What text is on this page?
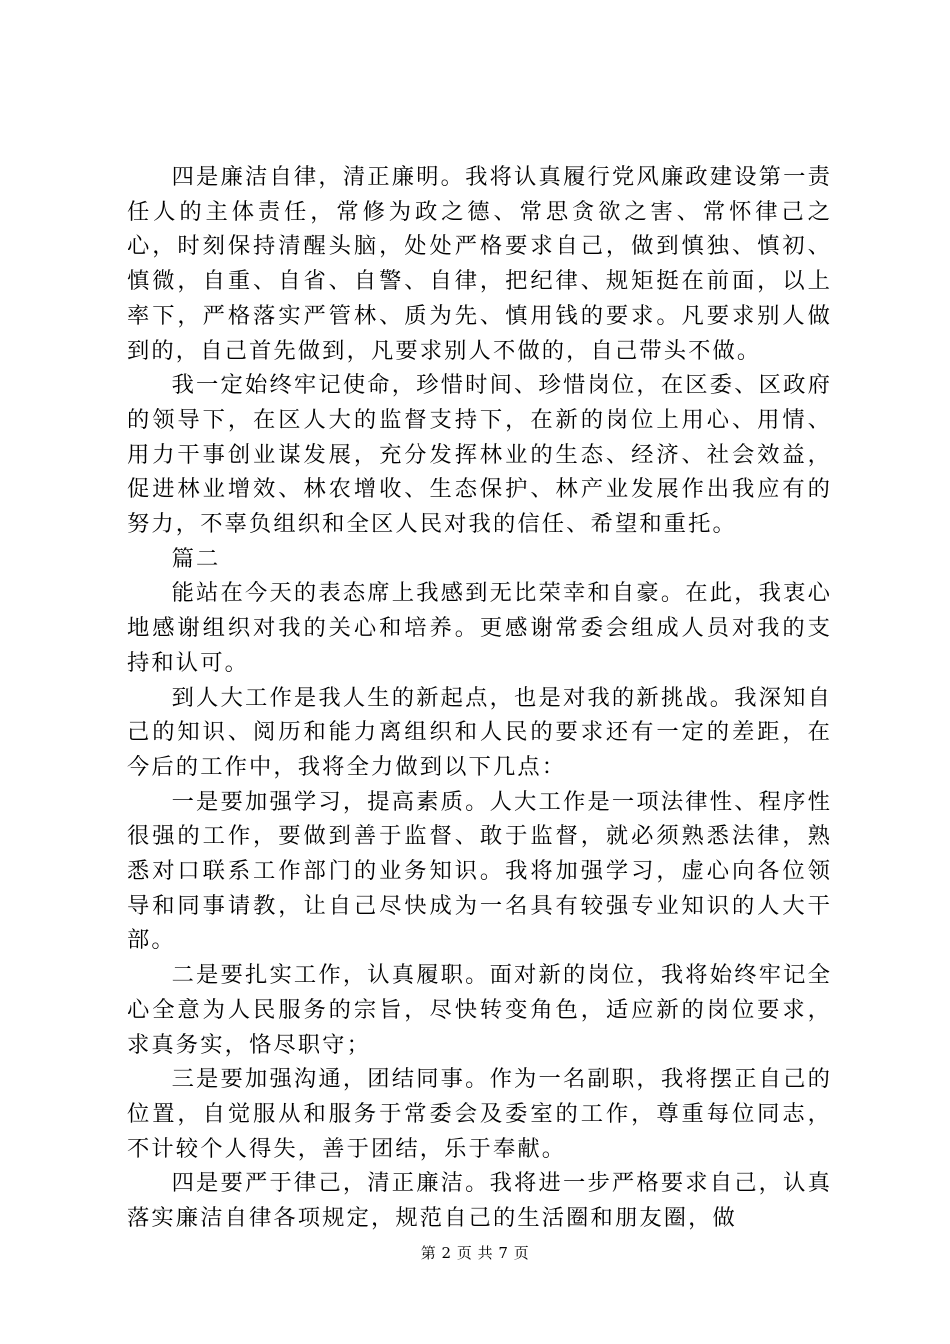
四是廉洁自律，清正廉明。我将认真履行党风廉政建设第一责任人的主体责任，常修为政之德、常思贪欲之害、常怀律己之心，时刻保持清醒头脑，处处严格要求自己，做到慎独、慎初、慎微，自重、自省、自警、自律，把纪律、规矩挺在前面，以上率下，严格落实严管林、质为先、慎用钱的要求。凡要求别人做到的，自己首先做到，凡要求别人不做的，自己带头不做。

我一定始终牢记使命，珍惜时间、珍惜岗位，在区委、区政府的领导下，在区人大的监督支持下，在新的岗位上用心、用情、用力干事创业谋发展，充分发挥林业的生态、经济、社会效益，促进林业增效、林农增收、生态保护、林产业发展作出我应有的努力，不辜负组织和全区人民对我的信任、希望和重托。

篇二

能站在今天的表态席上我感到无比荣幸和自豪。在此，我衷心地感谢组织对我的关心和培养。更感谢常委会组成人员对我的支持和认可。

到人大工作是我人生的新起点，也是对我的新挑战。我深知自己的知识、阅历和能力离组织和人民的要求还有一定的差距，在今后的工作中，我将全力做到以下几点：

一是要加强学习，提高素质。人大工作是一项法律性、程序性很强的工作，要做到善于监督、敢于监督，就必须熟悉法律，熟悉对口联系工作部门的业务知识。我将加强学习，虚心向各位领导和同事请教，让自己尽快成为一名具有较强专业知识的人大干部。

二是要扎实工作，认真履职。面对新的岗位，我将始终牢记全心全意为人民服务的宗旨，尽快转变角色，适应新的岗位要求，求真务实，恪尽职守；

三是要加强沟通，团结同事。作为一名副职，我将摆正自己的位置，自觉服从和服务于常委会及委室的工作，尊重每位同志，不计较个人得失，善于团结，乐于奉献。

四是要严于律己，清正廉洁。我将进一步严格要求自己，认真落实廉洁自律各项规定，规范自己的生活圈和朋友圈，做

第 2 页 共 7 页
